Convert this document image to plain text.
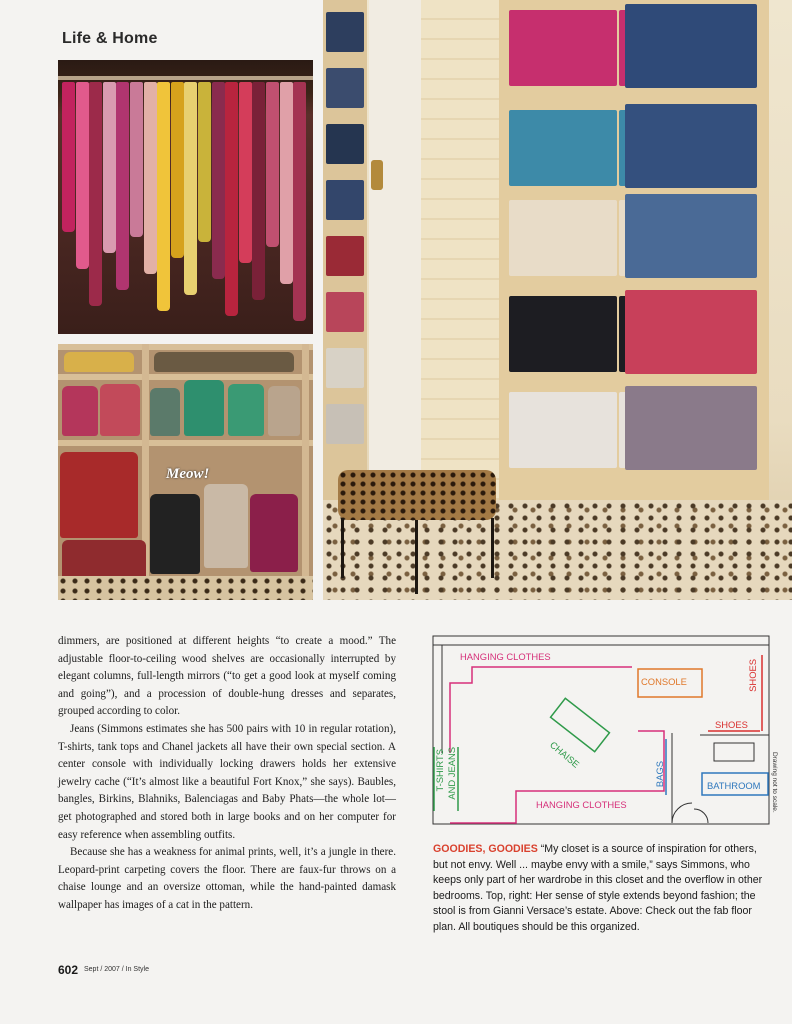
Life & Home
Meow!

dimmers, are positioned at different heights “to create a mood.” The adjustable floor-to-ceiling wood shelves are occasionally interrupted by elegant columns, full-length mirrors (“to get a good look at myself coming and going”), and a procession of double-hung dresses and separates, grouped according to color.

Jeans (Simmons estimates she has 500 pairs with 10 in regular rotation), T-shirts, tank tops and Chanel jackets all have their own special section. A center console with individually locking drawers holds her extensive jewelry cache (“It’s almost like a beautiful Fort Knox,” she says). Baubles, bangles, Birkins, Blahniks, Balenciagas and Baby Phats—the whole lot—get photographed and stored both in large books and on her computer for easy reference when assembling outfits.

Because she has a weakness for animal prints, well, it’s a jungle in there. Leopard-print carpeting covers the floor. There are faux-fur throws on a chaise lounge and an oversize ottoman, while the hand-painted damask wallpaper has images of a cat in the pattern.

HANGING CLOTHES
CONSOLE	SHOES
SHOES
CHAISE
T-SHIRTS AND JEANS	BAGS	BATHROOM
HANGING CLOTHES	Drawing not to scale.
GOODIES, GOODIES “My closet is a source of inspiration for others, but not envy. Well ... maybe envy with a smile,” says Simmons, who keeps only part of her wardrobe in this closet and the overflow in other bedrooms. Top, right: Her sense of style extends beyond fashion; the stool is from Gianni Versace’s estate. Above: Check out the fab floor plan. All boutiques should be this organized.
602 Sept / 2007 / In Style
